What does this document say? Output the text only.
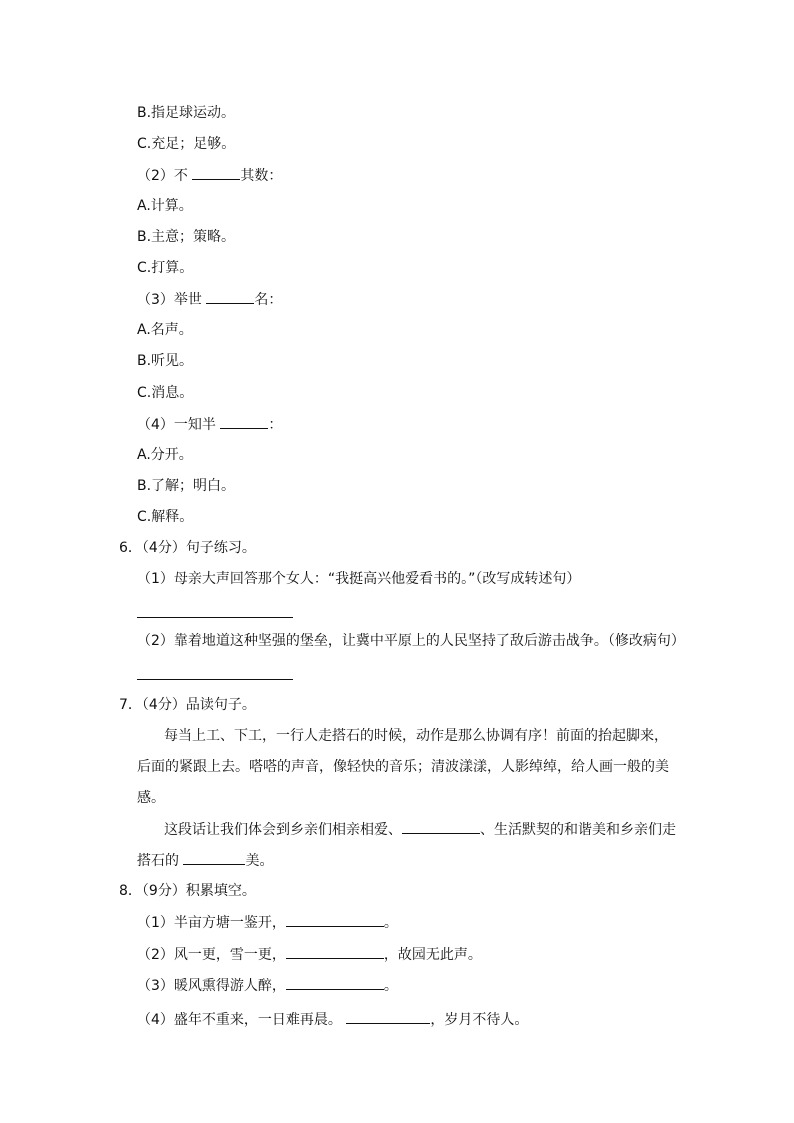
B.指足球运动。
C.充足；足够。
（2）不	其数：
A.计算。
B.主意；策略。
C.打算。
（3）举世	名：
A.名声。
B.听见。
C.消息。
（4）一知半	：
A.分开。
B.了解；明白。
C.解释。
6．（4分）句子练习。
（1）母亲大声回答那个女人：“我挺高兴他爱看书的。”（改写成转述句）
（2）靠着地道这种坚强的堡垒，让冀中平原上的人民坚持了敌后游击战争。（修改病句）
7．（4分）品读句子。
每当上工、下工，一行人走搭石的时候，动作是那么协调有序！前面的抬起脚来，
后面的紧跟上去。嗒嗒的声音，像轻快的音乐；清波漾漾，人影绰绰，给人画一般的美
感。
这段话让我们体会到乡亲们相亲相爱、	、生活默契的和谐美和乡亲们走
搭石的	美。
8．（9分）积累填空。
（1）半亩方塘一鉴开，	。
（2）风一更，雪一更，	，故园无此声。
（3）暖风熏得游人醉，	。
（4）盛年不重来，一日难再晨。	，岁月不待人。
